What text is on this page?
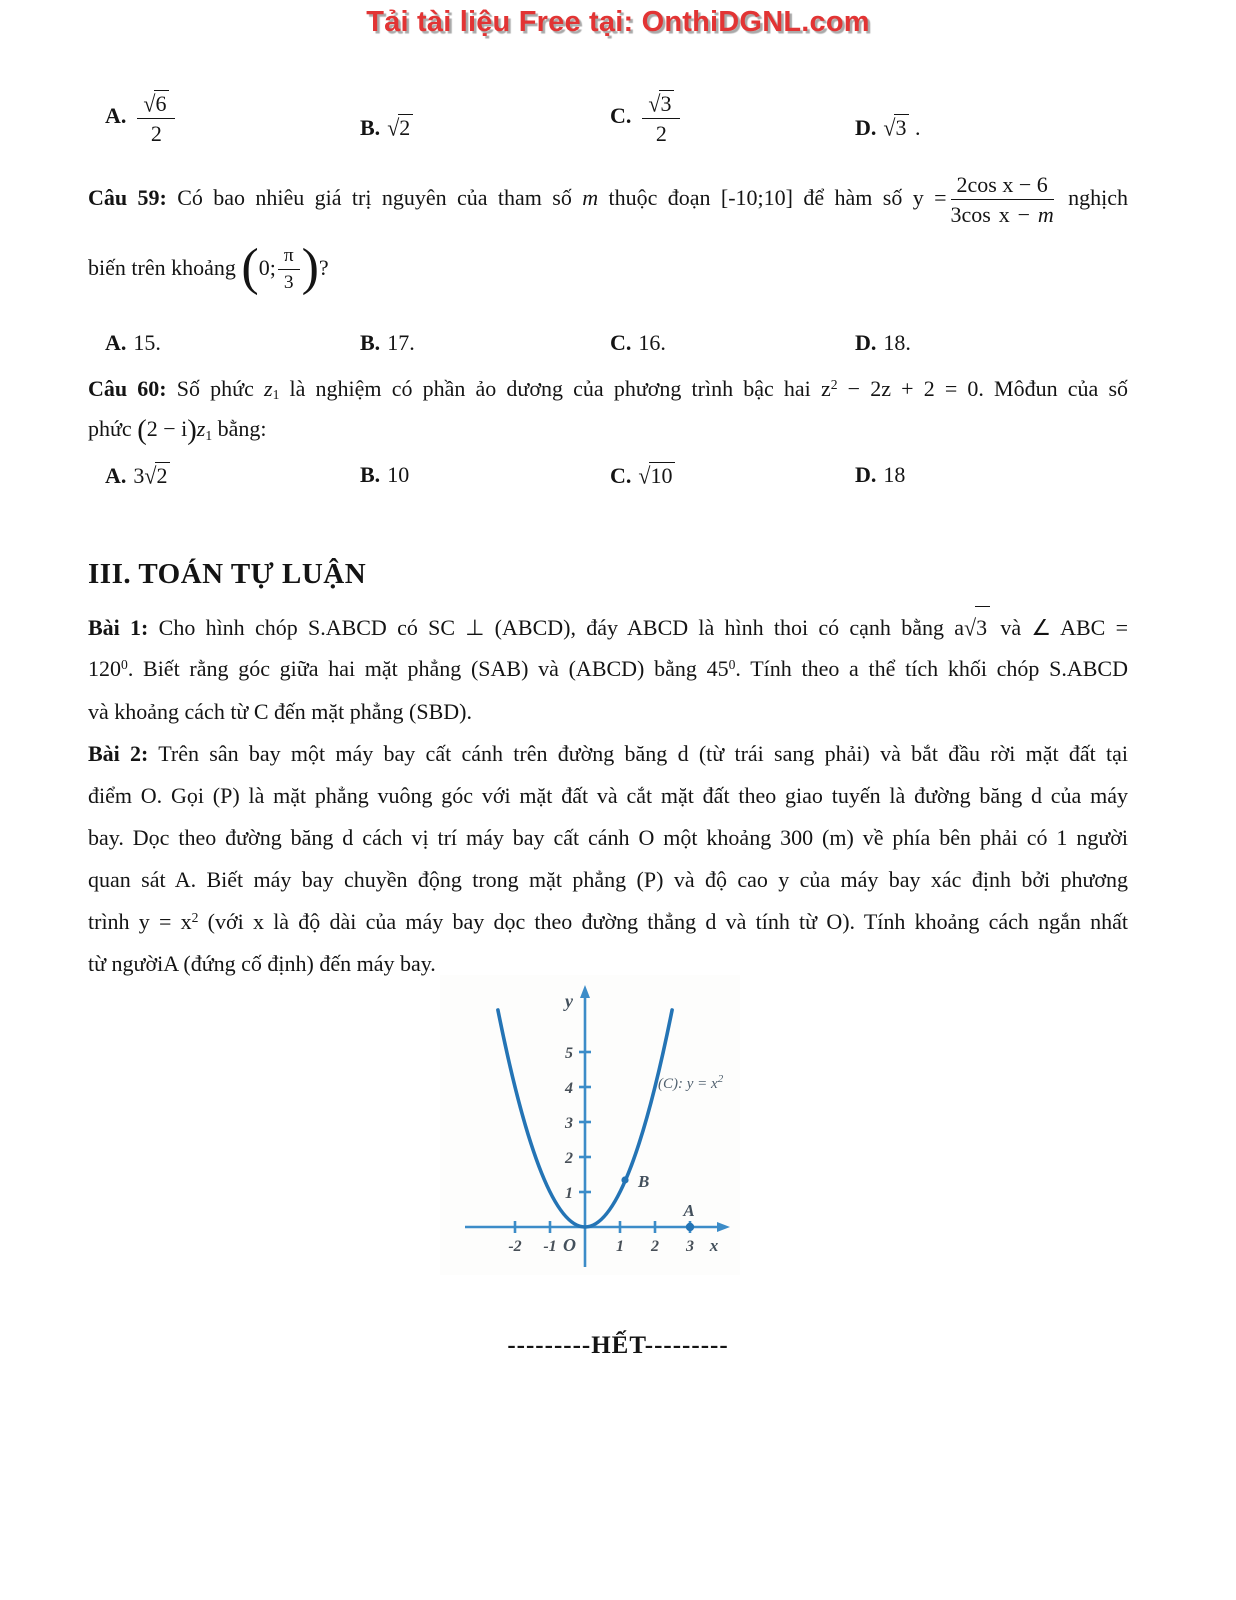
Tải tài liệu Free tại: OnthiDGNL.com
A. $\frac{√6}{2}$	B. √2	C. $\frac{√3}{2}$	D. √3 .
Câu 59: Có bao nhiêu giá trị nguyên của tham số m thuộc đoạn [-10;10] để hàm số $y = \frac{\text{2cos x − 6}}{\text{3cos x − m}}$ nghịch
biến trên khoảng (0; $\frac{\pi}{3}$ )?
A. 15.	B. 17.	C. 16.	D. 18.
Câu 60: Số phức $z_1$ là nghiệm có phần ảo dương của phương trình bậc hai $z^2 - 2z + 2 = 0$. Môđun của số
phức $(2 - i)z_1$ bằng:
A. 3√2	B. 10	C. √10	D. 18
III. TOÁN TỰ LUẬN
Bài 1: Cho hình chóp S.ABCD có SC ⊥ (ABCD), đáy ABCD là hình thoi có cạnh bằng a√3 và ∠ ABC =
$120^0$. Biết rằng góc giữa hai mặt phẳng (SAB) và (ABCD) bằng $45^0$. Tính theo a thể tích khối chóp S.ABCD
và khoảng cách từ C đến mặt phẳng (SBD).
Bài 2: Trên sân bay một máy bay cất cánh trên đường băng d (từ trái sang phải) và bắt đầu rời mặt đất tại
điểm O. Gọi (P) là mặt phẳng vuông góc với mặt đất và cắt mặt đất theo giao tuyến là đường băng d của máy
bay. Dọc theo đường băng d cách vị trí máy bay cất cánh O một khoảng 300 (m) về phía bên phải có 1 người
quan sát A. Biết máy bay chuyền động trong mặt phẳng (P) và độ cao y của máy bay xác định bởi phương
trình $y = x^2$ (với x là độ dài của máy bay dọc theo đường thẳng d và tính từ O). Tính khoảng cách ngắn nhất
từ ngườiA (đứng cố định) đến máy bay.
y
x
O
1
2
3
4
5
-2 -1	1 2 3
(C): $y = x^2$
A
B
---------HẾT---------
